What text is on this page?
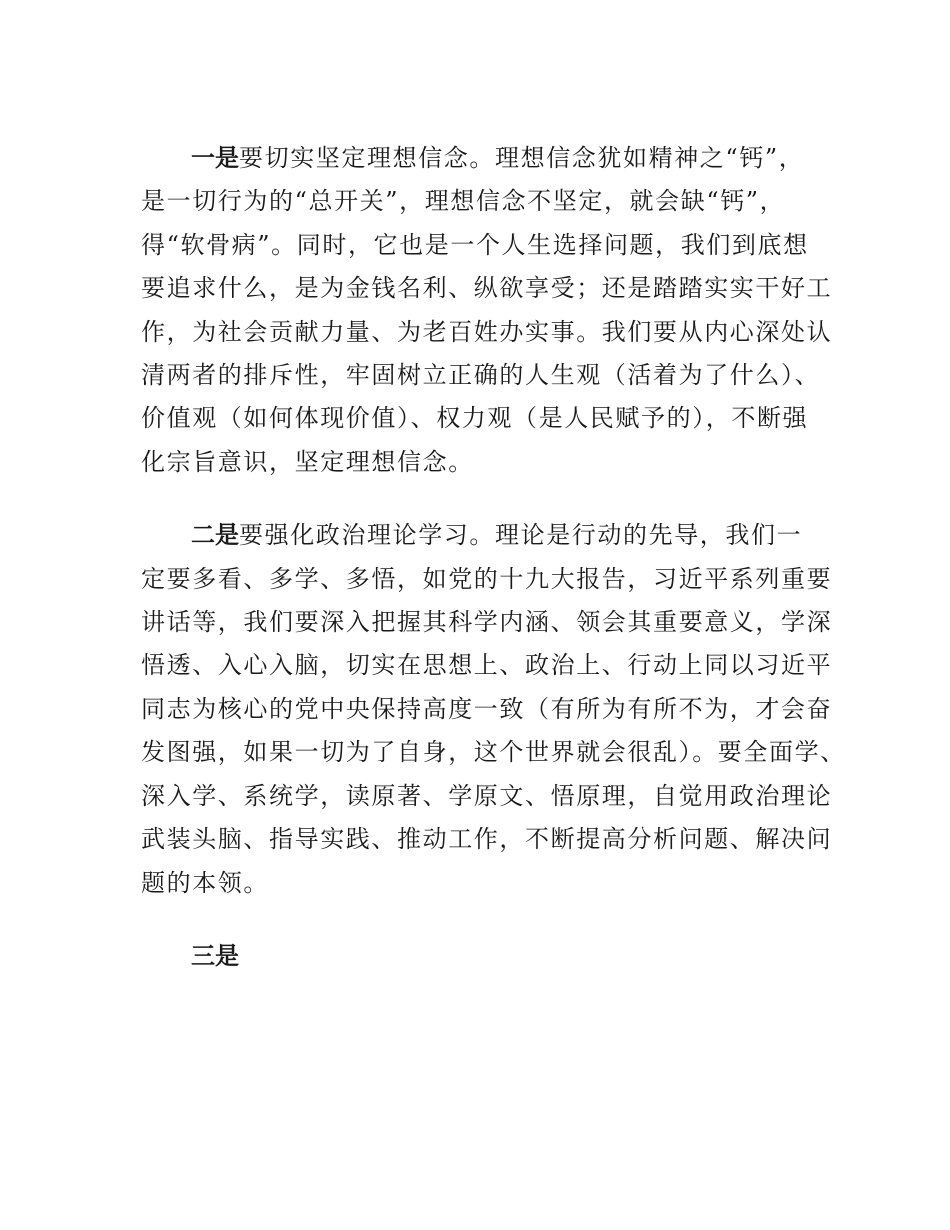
一是要切实坚定理想信念。理想信念犹如精神之“钙”，
是一切行为的“总开关”，理想信念不坚定，就会缺“钙”，
得“软骨病”。同时，它也是一个人生选择问题，我们到底想
要追求什么，是为金钱名利、纵欲享受；还是踏踏实实干好工
作，为社会贡献力量、为老百姓办实事。我们要从内心深处认
清两者的排斥性，牢固树立正确的人生观（活着为了什么）、
价值观（如何体现价值）、权力观（是人民赋予的），不断强
化宗旨意识，坚定理想信念。

二是要强化政治理论学习。理论是行动的先导，我们一
定要多看、多学、多悟，如党的十九大报告，习近平系列重要
讲话等，我们要深入把握其科学内涵、领会其重要意义，学深
悟透、入心入脑，切实在思想上、政治上、行动上同以习近平
同志为核心的党中央保持高度一致（有所为有所不为，才会奋
发图强，如果一切为了自身，这个世界就会很乱）。要全面学、
深入学、系统学，读原著、学原文、悟原理，自觉用政治理论
武装头脑、指导实践、推动工作，不断提高分析问题、解决问
题的本领。

三是
